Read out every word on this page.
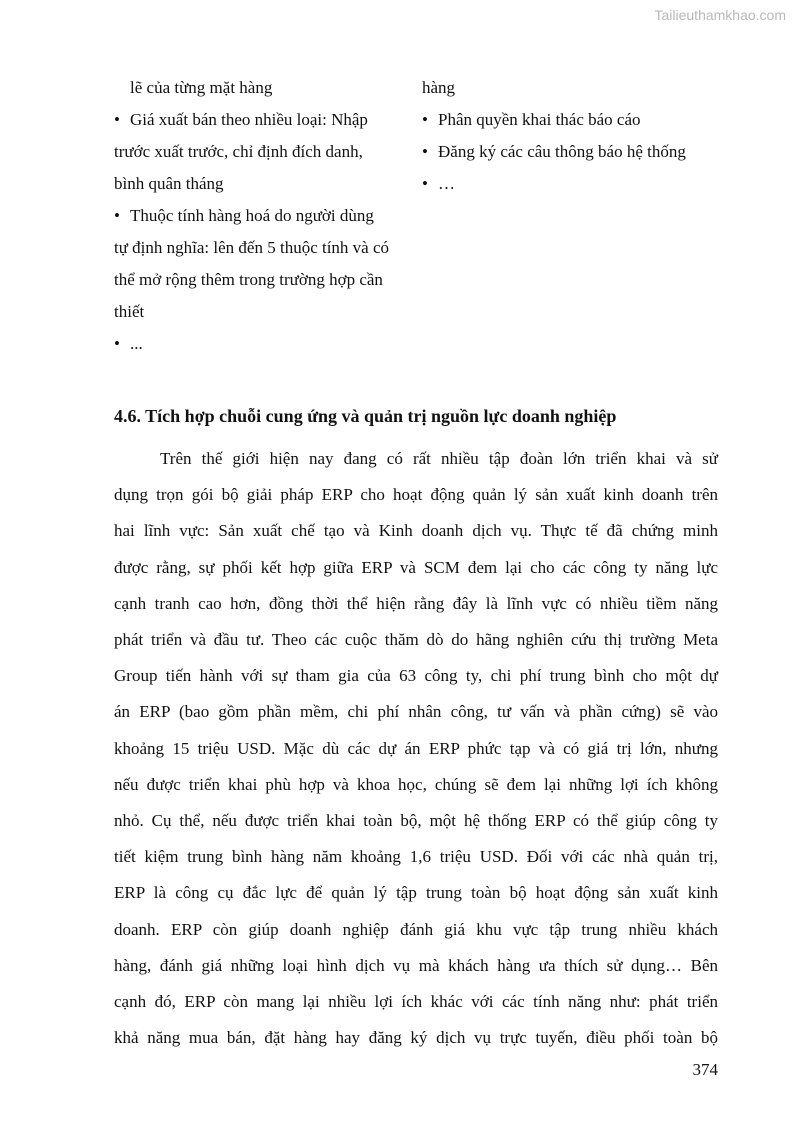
Tailieuthamkhao.com
lẽ của từng mặt hàng
• Giá xuất bán theo nhiều loại: Nhập
trước xuất trước, chỉ định đích danh,
bình quân tháng
• Thuộc tính hàng hoá do người dùng
tự định nghĩa: lên đến 5 thuộc tính và có
thể mở rộng thêm trong trường hợp cần
thiết
• ...
hàng
• Phân quyền khai thác báo cáo
• Đăng ký các câu thông báo hệ thống
• …
4.6. Tích hợp chuỗi cung ứng và quản trị nguồn lực doanh nghiệp
Trên thế giới hiện nay đang có rất nhiều tập đoàn lớn triển khai và sử
dụng trọn gói bộ giải pháp ERP cho hoạt động quản lý sản xuất kinh doanh trên
hai lĩnh vực: Sản xuất chế tạo và Kinh doanh dịch vụ. Thực tế đã chứng minh
được rằng, sự phối kết hợp giữa ERP và SCM đem lại cho các công ty năng lực
cạnh tranh cao hơn, đồng thời thể hiện rằng đây là lĩnh vực có nhiều tiềm năng
phát triển và đầu tư. Theo các cuộc thăm dò do hãng nghiên cứu thị trường Meta
Group tiến hành với sự tham gia của 63 công ty, chi phí trung bình cho một dự
án ERP (bao gồm phần mềm, chi phí nhân công, tư vấn và phần cứng) sẽ vào
khoảng 15 triệu USD. Mặc dù các dự án ERP phức tạp và có giá trị lớn, nhưng
nếu được triển khai phù hợp và khoa học, chúng sẽ đem lại những lợi ích không
nhỏ. Cụ thể, nếu được triển khai toàn bộ, một hệ thống ERP có thể giúp công ty
tiết kiệm trung bình hàng năm khoảng 1,6 triệu USD. Đối với các nhà quản trị,
ERP là công cụ đắc lực để quản lý tập trung toàn bộ hoạt động sản xuất kinh
doanh. ERP còn giúp doanh nghiệp đánh giá khu vực tập trung nhiều khách
hàng, đánh giá những loại hình dịch vụ mà khách hàng ưa thích sử dụng… Bên
cạnh đó, ERP còn mang lại nhiều lợi ích khác với các tính năng như: phát triển
khả năng mua bán, đặt hàng hay đăng ký dịch vụ trực tuyến, điều phối toàn bộ
374
